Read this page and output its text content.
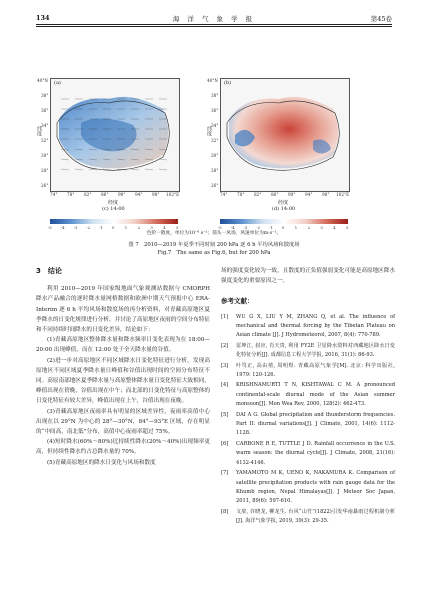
134	海 洋 气 象 学 报	第45卷
纬度	纬度
(a)	(b)
40°N
38°
36°
34°
32°
30°
28°
26°
40°N
38°
36°
34°
32°
30°
28°
26°
74° 78° 82° 86° 90° 94° 98° 102°E	74° 78° 82° 86° 90° 94° 98° 102°E
经度	经度
(c) 14:00	(d) 14:00
-5 -4 -3 -2 -1 0	1	2	3	4	5	-5 -4 -3 -2 -1 0	1	2	3	4	5
色阶一散度，单位为10⁻⁶ s⁻¹；箭头一风场，风速单位为m·s⁻¹。
图 7　2010—2019 年夏季不同时刻 200 hPa 逐 6 h 平均风场和散度场
Fig.7　The same as Fig.6, but for 200 hPa
3　结论

利用 2010—2019 年国家级地面气象观测站数据与 CMORPH 降水产品融合的逐时降水量网格数据和欧洲中期天气预报中心 ERA-Interim 逐 6 h 平均风场和散度场的再分析资料，对青藏高原地区夏季降水的日变化规律进行分析，并讨论了高原地区夜雨的空间分布特征和不同持续时间降水的日变化差异，结论如下：

(1)青藏高原地区整体降水量和降水频率日变化表现为在 18:00—20:00 出现峰值，而在 12:00 处于全天降水量的谷值。

(2)进一步对高原地区不同区域降水日变化特征进行分析，发现高原地区不同区域夏季降水量日峰值和谷值出现时间的空间分布特征不同。高原南部地区夏季降水量与高原整体降水量日变化特征大致相同，峰值出现在傍晚，谷值出现在中午；而北部的日变化特征与高原整体的日变化特征有较大差异，峰值出现在上午，谷值出现在夜晚。

(3)青藏高原地区夜雨率具有明显的区域差异性，夜雨率高值中心出现在以 29°N 为中心的 28°—30°N，84°—93°E 区域，存在明显的“中间高，南北低”分布，高值中心夜雨率超过 75%。

(4)短时降水(60%～80%)比持续性降水(20%～40%)出现频率更高，但持续性降水约占总降水量的 70%。

(5)青藏高原地区的降水日变化与风场和散度

场的强度变化较为一致，且散度的正负值强弱变化可能是高原地区降水强度变化的重要原因之一。

参考文献：
[1]	WU G X, LIU Y M, ZHANG Q, et al. The influence of mechanical and thermal forcing by the Tibetan Plateau on Asian climate [J]. J Hydrometeorol, 2007, 8(4): 770-789.
[2]	雷坤江, 叔应, 肖天贵, 利用 FY2E 卫星降水资料对西藏地区降水日变化特征分析[J]. 成都信息工程大学学报, 2016, 31(1): 86-93.
[3]	叶笃正, 高由禧, 周明煜. 青藏高原气象学[M]. 北京: 科学出版社, 1979: 120-126.
[4]	KRISHNAMURTI T N, KISHTAWAL C M. A pronounced continental-scale diurnal mode of the Asian summer monsoon[J]. Mon Wea Rev, 2000, 128(2): 462-473.
[5]	DAI A G. Global precipitation and thunderstorm frequencies. Part II: diurnal variations[J]. J Climate, 2001, 14(6): 1112-1128.
[6]	CARBONE R E, TUTTLE J D. Rainfall occurrence in the U.S. warm season: the diurnal cycle[J]. J Climate, 2008, 21(16): 4132-4146.
[7]	YAMAMOTO M K, UENO K, NAKAMURA K. Comparison of satellite precipitation products with rain gauge data for the Khumb region, Nepal Himalayas[J]. J Meteor Soc Japan, 2011, 89(6): 597-610.
[8]	文扉, 许晓龙, 柳龙生. 台风“山竹”(1822)引发华南暴雨过程机制分析[J]. 海洋气象学报, 2019, 39(3): 29-35.
